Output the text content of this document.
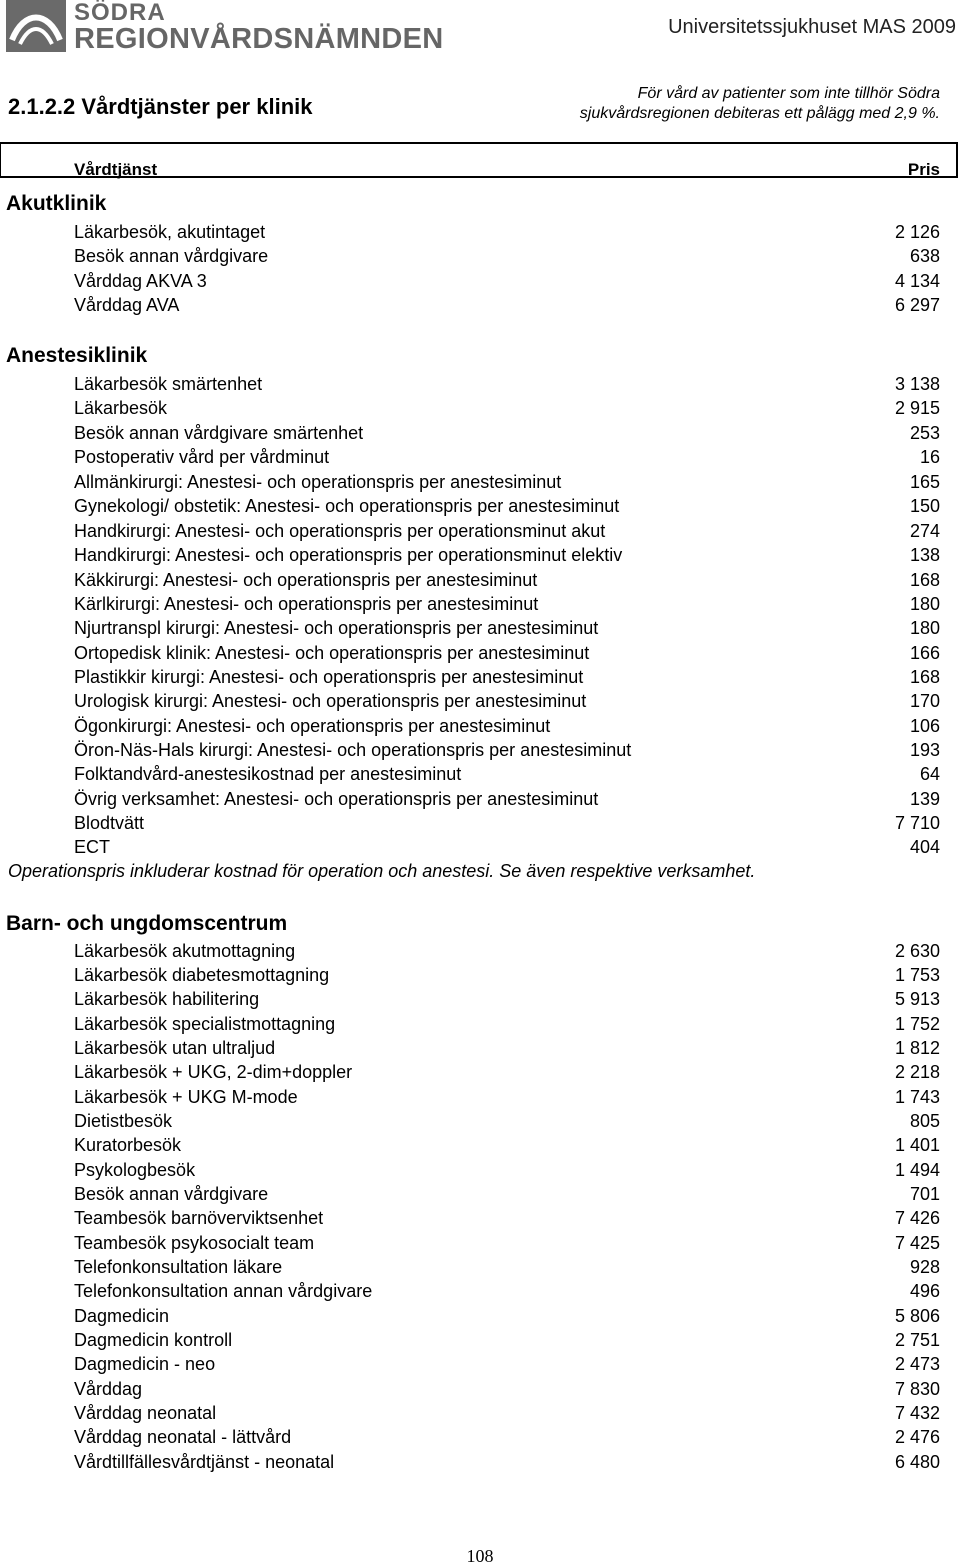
SÖDRA
REGIONVÅRDSNÄMNDEN	Universitetssjukhuset MAS 2009
2.1.2.2 Vårdtjänster per klinik
För vård av patienter som inte tillhör Södra
sjukvårdsregionen debiteras ett pålägg med 2,9 %.
Vårdtjänst	Pris
Akutklinik
Läkarbesök, akutintaget	2 126
Besök annan vårdgivare	638
Vårddag AKVA 3	4 134
Vårddag AVA	6 297
Anestesiklinik
Läkarbesök smärtenhet	3 138
Läkarbesök	2 915
Besök annan vårdgivare smärtenhet	253
Postoperativ vård per vårdminut	16
Allmänkirurgi: Anestesi- och operationspris per anestesiminut	165
Gynekologi/ obstetik: Anestesi- och operationspris per anestesiminut	150
Handkirurgi: Anestesi- och operationspris per operationsminut akut	274
Handkirurgi: Anestesi- och operationspris per operationsminut elektiv	138
Käkkirurgi: Anestesi- och operationspris per anestesiminut	168
Kärlkirurgi: Anestesi- och operationspris per anestesiminut	180
Njurtranspl kirurgi: Anestesi- och operationspris per anestesiminut	180
Ortopedisk klinik: Anestesi- och operationspris per anestesiminut	166
Plastikkir kirurgi: Anestesi- och operationspris per anestesiminut	168
Urologisk kirurgi: Anestesi- och operationspris per anestesiminut	170
Ögonkirurgi: Anestesi- och operationspris per anestesiminut	106
Öron-Näs-Hals kirurgi: Anestesi- och operationspris per anestesiminut	193
Folktandvård-anestesikostnad per anestesiminut	64
Övrig verksamhet: Anestesi- och operationspris per anestesiminut	139
Blodtvätt	7 710
ECT	404
Operationspris inkluderar kostnad för operation och anestesi. Se även respektive verksamhet.
Barn- och ungdomscentrum
Läkarbesök akutmottagning	2 630
Läkarbesök diabetesmottagning	1 753
Läkarbesök habilitering	5 913
Läkarbesök specialistmottagning	1 752
Läkarbesök utan ultraljud	1 812
Läkarbesök + UKG, 2-dim+doppler	2 218
Läkarbesök + UKG M-mode	1 743
Dietistbesök	805
Kuratorbesök	1 401
Psykologbesök	1 494
Besök annan vårdgivare	701
Teambesök barnöverviktsenhet	7 426
Teambesök psykosocialt team	7 425
Telefonkonsultation läkare	928
Telefonkonsultation annan vårdgivare	496
Dagmedicin	5 806
Dagmedicin kontroll	2 751
Dagmedicin - neo	2 473
Vårddag	7 830
Vårddag neonatal	7 432
Vårddag neonatal - lättvård	2 476
Vårdtillfällesvårdtjänst - neonatal	6 480
108
